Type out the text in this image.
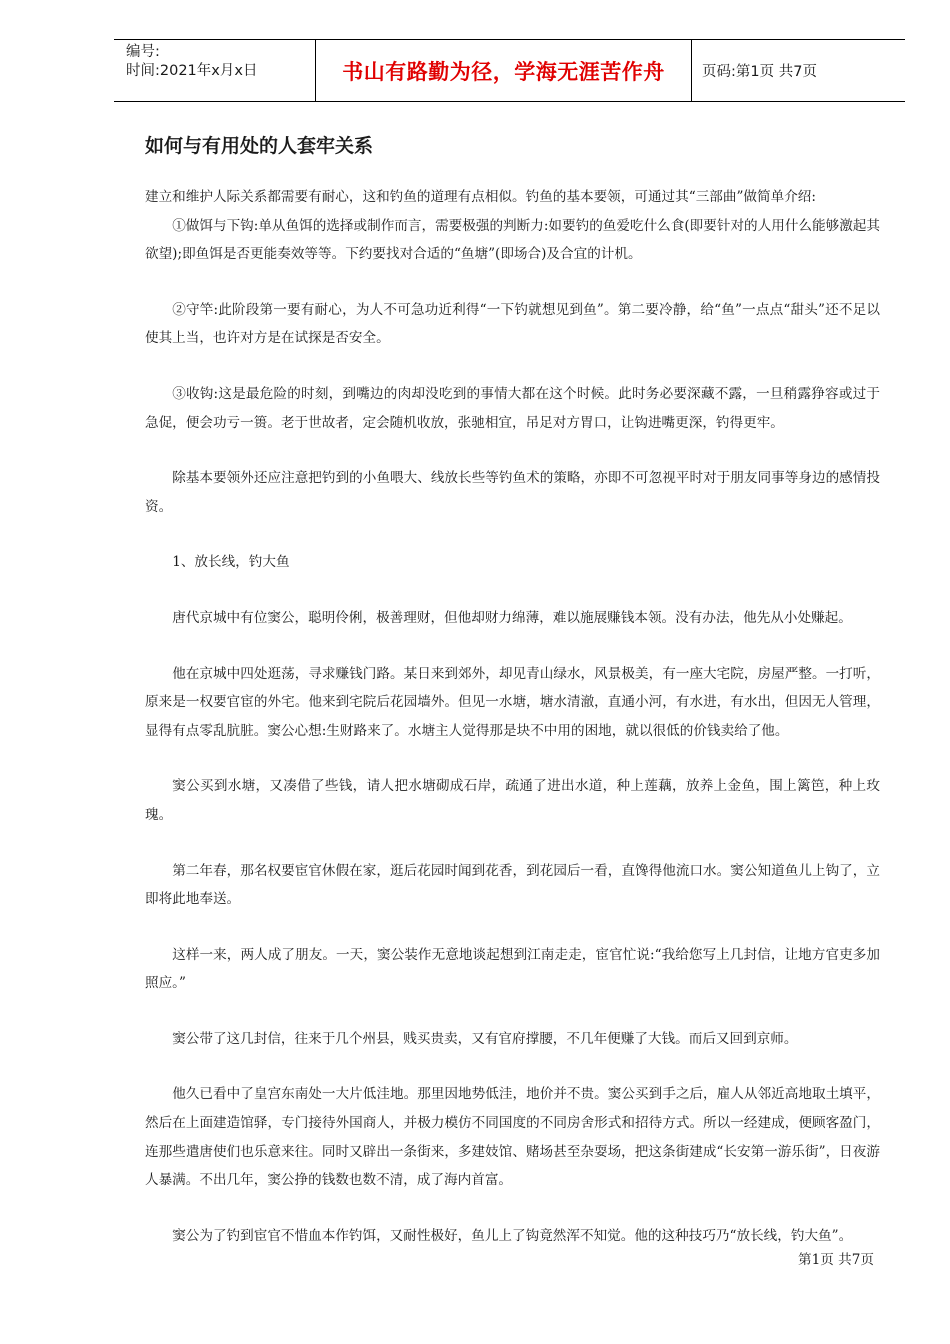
编号:
时间:2021年x月x日	书山有路勤为径，学海无涯苦作舟	页码:第1页 共7页
如何与有用处的人套牢关系

建立和维护人际关系都需要有耐心，这和钓鱼的道理有点相似。钓鱼的基本要领，可通过其“三部曲”做简单介绍:

①做饵与下钩:单从鱼饵的选择或制作而言，需要极强的判断力:如要钓的鱼爱吃什么食(即要针对的人用什么能够激起其欲望);即鱼饵是否更能奏效等等。下约要找对合适的“鱼塘”(即场合)及合宜的计机。

②守竿:此阶段第一要有耐心，为人不可急功近利得“一下钓就想见到鱼”。第二要冷静，给“鱼”一点点“甜头”还不足以使其上当，也许对方是在试探是否安全。

③收钩:这是最危险的时刻，到嘴边的肉却没吃到的事情大都在这个时候。此时务必要深藏不露，一旦稍露狰容或过于急促，便会功亏一篑。老于世故者，定会随机收放，张驰相宜，吊足对方胃口，让钩进嘴更深，钓得更牢。

除基本要领外还应注意把钓到的小鱼喂大、线放长些等钓鱼术的策略，亦即不可忽视平时对于朋友同事等身边的感情投资。

1、放长线，钓大鱼

唐代京城中有位窦公，聪明伶俐，极善理财，但他却财力绵薄，难以施展赚钱本领。没有办法，他先从小处赚起。

他在京城中四处逛荡，寻求赚钱门路。某日来到郊外，却见青山绿水，风景极美，有一座大宅院，房屋严整。一打听，原来是一权要官宦的外宅。他来到宅院后花园墙外。但见一水塘，塘水清澈，直通小河，有水进，有水出，但因无人管理，显得有点零乱肮脏。窦公心想:生财路来了。水塘主人觉得那是块不中用的困地，就以很低的价钱卖给了他。

窦公买到水塘，又凑借了些钱，请人把水塘砌成石岸，疏通了进出水道，种上莲藕，放养上金鱼，围上篱笆，种上玫瑰。

第二年春，那名权要宦官休假在家，逛后花园时闻到花香，到花园后一看，直馋得他流口水。窦公知道鱼儿上钩了，立即将此地奉送。

这样一来，两人成了朋友。一天，窦公装作无意地谈起想到江南走走，宦官忙说:“我给您写上几封信，让地方官吏多加照应。”

窦公带了这几封信，往来于几个州县，贱买贵卖，又有官府撑腰，不几年便赚了大钱。而后又回到京师。

他久已看中了皇宫东南处一大片低洼地。那里因地势低洼，地价并不贵。窦公买到手之后，雇人从邻近高地取土填平，然后在上面建造馆驿，专门接待外国商人，并极力模仿不同国度的不同房舍形式和招待方式。所以一经建成，便顾客盈门，连那些遣唐使们也乐意来往。同时又辟出一条街来，多建妓馆、赌场甚至杂耍场，把这条街建成“长安第一游乐街”，日夜游人暴满。不出几年，窦公挣的钱数也数不清，成了海内首富。

窦公为了钓到宦官不惜血本作钓饵，又耐性极好，鱼儿上了钩竟然浑不知觉。他的这种技巧乃“放长线，钓大鱼”。

第1页 共7页
